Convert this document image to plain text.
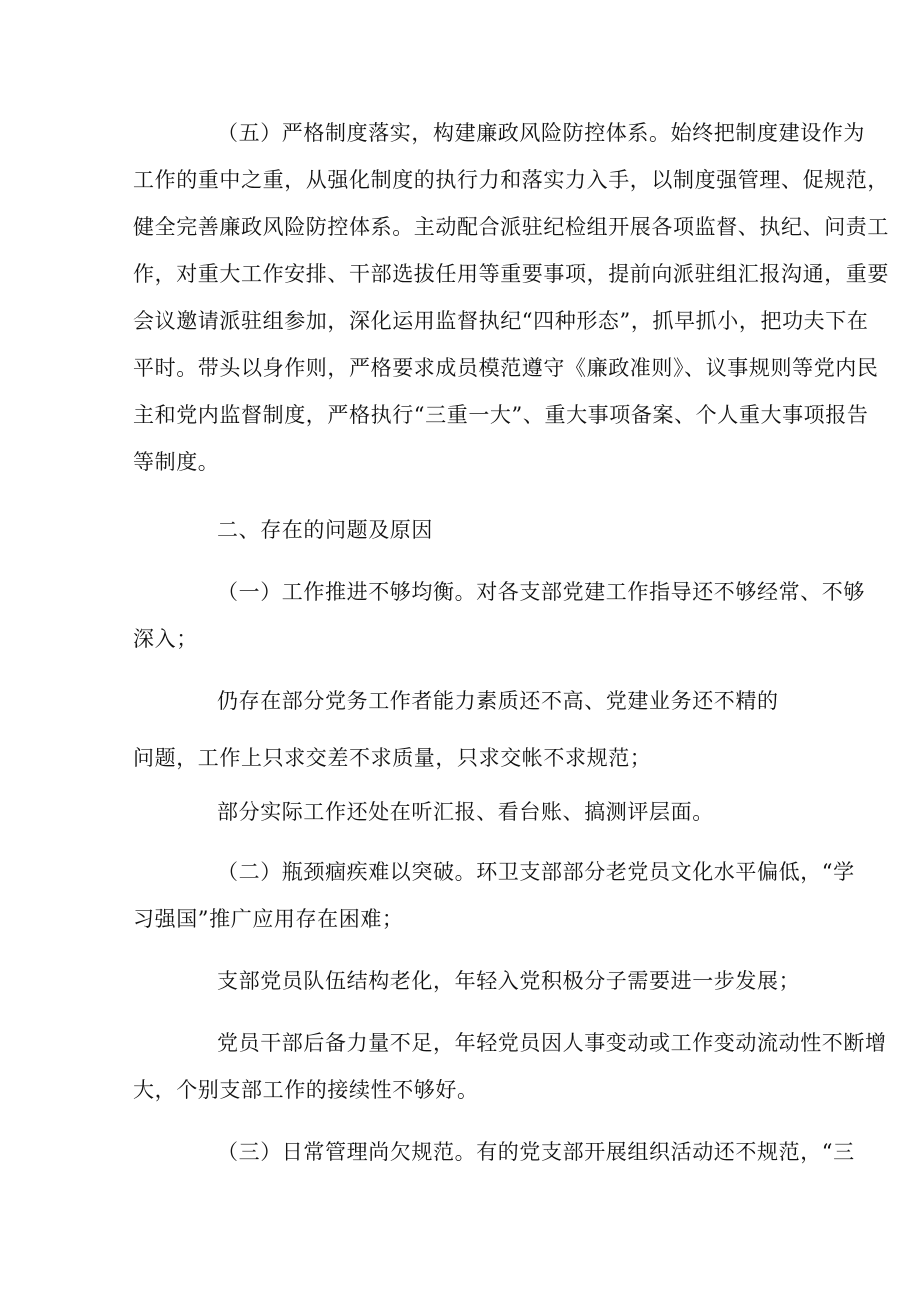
（五）严格制度落实，构建廉政风险防控体系。始终把制度建设作为
工作的重中之重，从强化制度的执行力和落实力入手，以制度强管理、促规范，
健全完善廉政风险防控体系。主动配合派驻纪检组开展各项监督、执纪、问责工
作，对重大工作安排、干部选拔任用等重要事项，提前向派驻组汇报沟通，重要
会议邀请派驻组参加，深化运用监督执纪“四种形态”，抓早抓小，把功夫下在
平时。带头以身作则，严格要求成员模范遵守《廉政准则》、议事规则等党内民
主和党内监督制度，严格执行“三重一大”、重大事项备案、个人重大事项报告
等制度。
二、存在的问题及原因
（一）工作推进不够均衡。对各支部党建工作指导还不够经常、不够
深入；
仍存在部分党务工作者能力素质还不高、党建业务还不精的
问题，工作上只求交差不求质量，只求交帐不求规范；
部分实际工作还处在听汇报、看台账、搞测评层面。
（二）瓶颈痼疾难以突破。环卫支部部分老党员文化水平偏低，“学
习强国”推广应用存在困难；
支部党员队伍结构老化，年轻入党积极分子需要进一步发展；
党员干部后备力量不足，年轻党员因人事变动或工作变动流动性不断增
大，个别支部工作的接续性不够好。
（三）日常管理尚欠规范。有的党支部开展组织活动还不规范，“三
